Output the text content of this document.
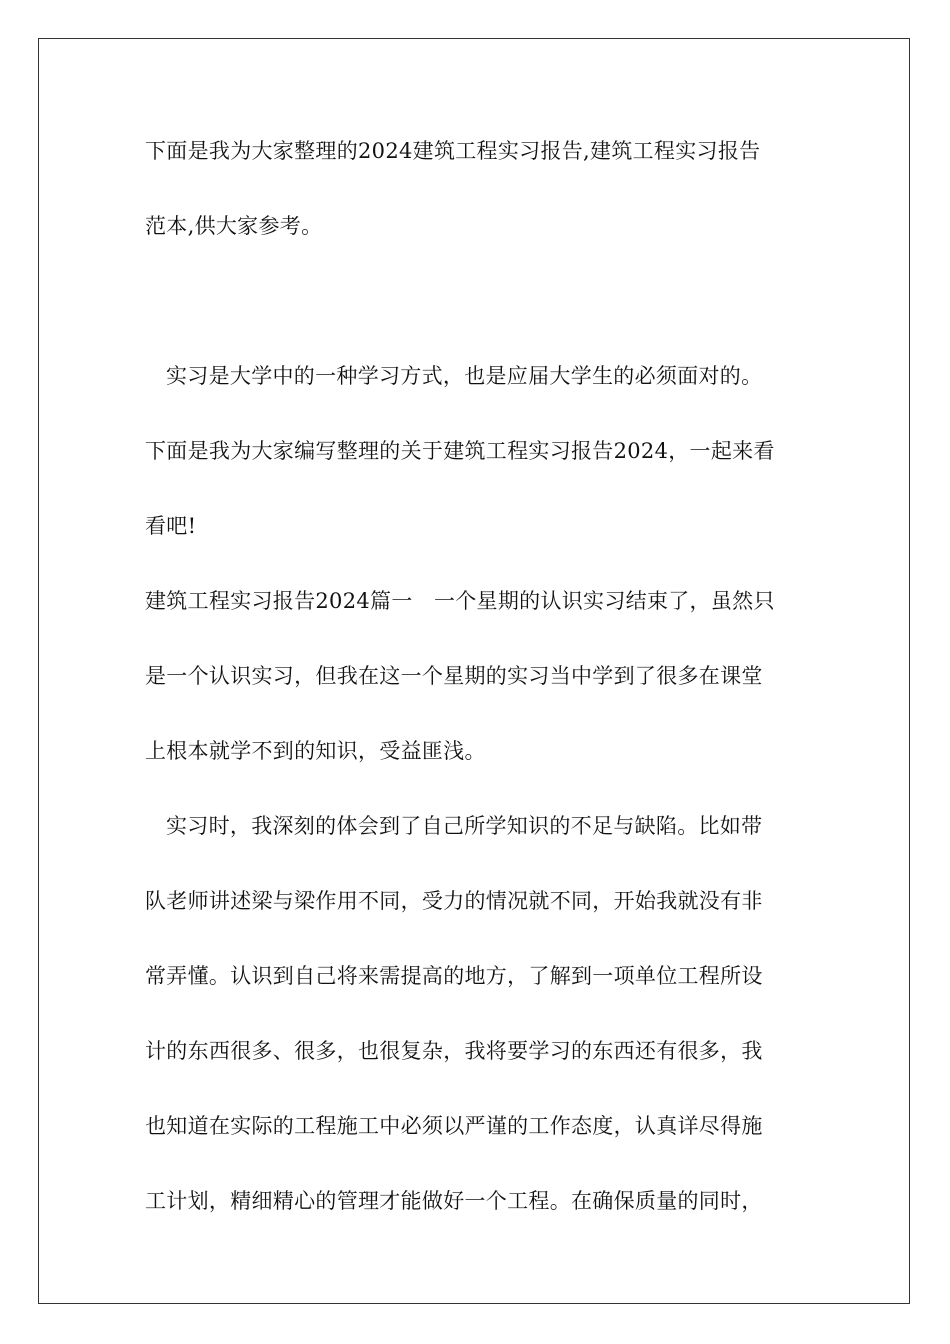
下面是我为大家整理的2024建筑工程实习报告,建筑工程实习报告
范本,供大家参考。
实习是大学中的一种学习方式，也是应届大学生的必须面对的。
下面是我为大家编写整理的关于建筑工程实习报告2024，一起来看
看吧!
建筑工程实习报告2024篇一　一个星期的认识实习结束了，虽然只
是一个认识实习，但我在这一个星期的实习当中学到了很多在课堂
上根本就学不到的知识，受益匪浅。
实习时，我深刻的体会到了自己所学知识的不足与缺陷。比如带
队老师讲述梁与梁作用不同，受力的情况就不同，开始我就没有非
常弄懂。认识到自己将来需提高的地方，了解到一项单位工程所设
计的东西很多、很多，也很复杂，我将要学习的东西还有很多，我
也知道在实际的工程施工中必须以严谨的工作态度，认真详尽得施
工计划，精细精心的管理才能做好一个工程。在确保质量的同时，
